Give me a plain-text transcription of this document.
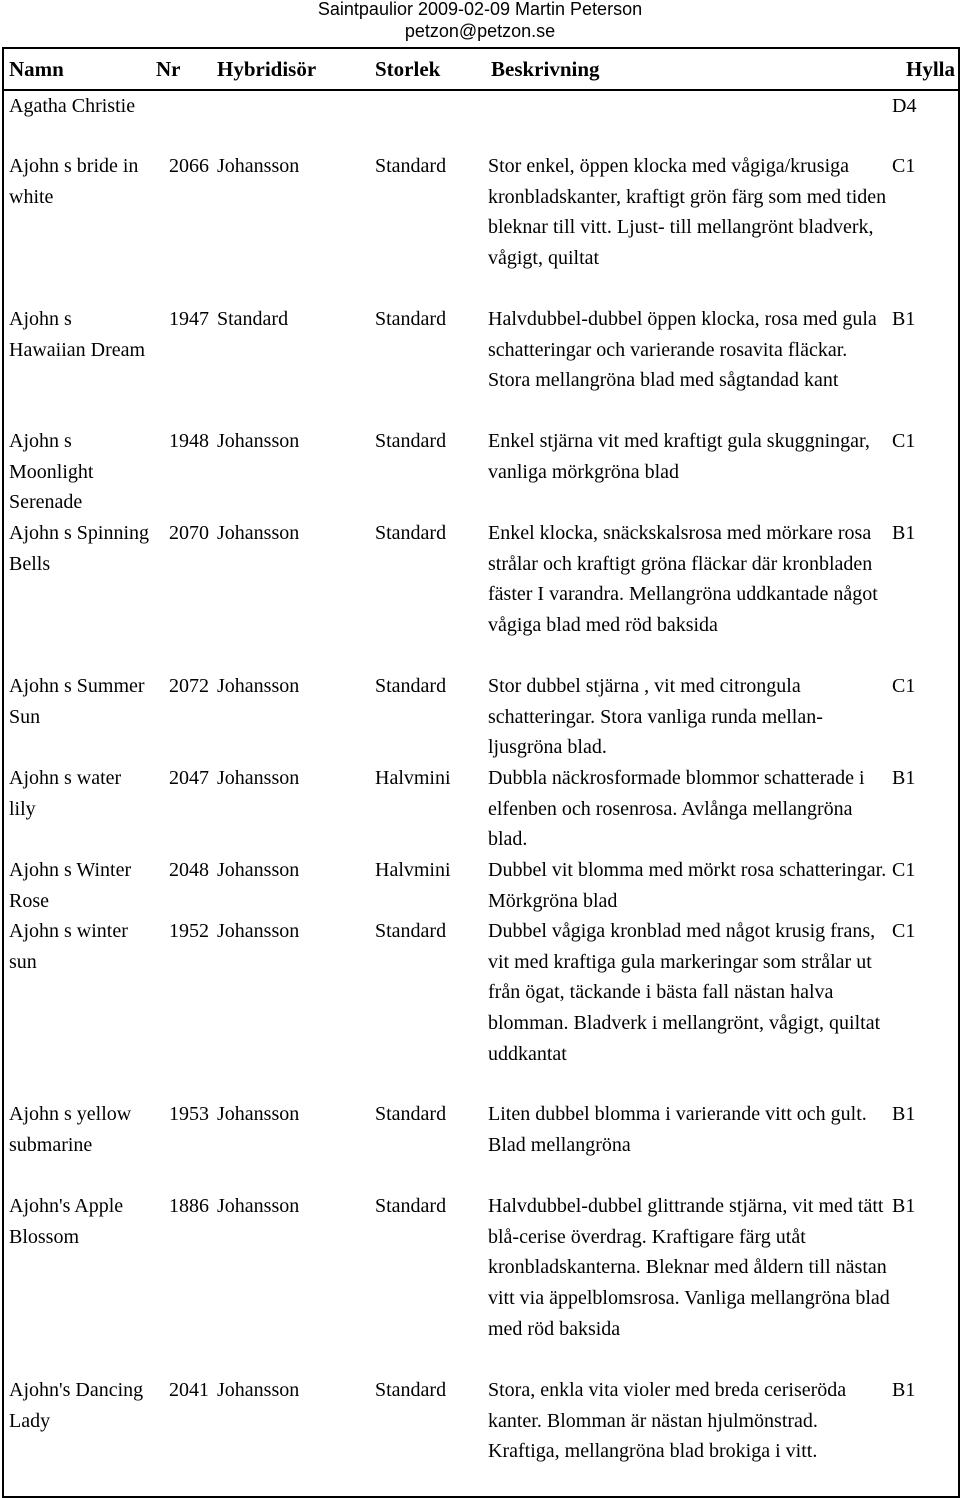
Saintpaulior 2009-02-09 Martin Peterson
petzon@petzon.se
Namn	Nr	Hybridisör	Storlek	Beskrivning	Hylla
Agatha Christie					D4
Ajohn s bride in white	2066	Johansson	Standard	Stor enkel, öppen klocka med vågiga/krusiga kronbladskanter, kraftigt grön färg som med tiden bleknar till vitt. Ljust- till mellangrönt bladverk, vågigt, quiltat	C1
Ajohn s Hawaiian Dream	1947	Standard	Standard	Halvdubbel-dubbel öppen klocka, rosa med gula schatteringar och varierande rosavita fläckar. Stora mellangröna blad med sågtandad kant	B1
Ajohn s Moonlight Serenade	1948	Johansson	Standard	Enkel stjärna vit med kraftigt gula skuggningar, vanliga mörkgröna blad	C1
Ajohn s Spinning Bells	2070	Johansson	Standard	Enkel klocka, snäckskalsrosa med mörkare rosa strålar och kraftigt gröna fläckar där kronbladen fäster I varandra. Mellangröna uddkantade något vågiga blad med röd baksida	B1
Ajohn s Summer Sun	2072	Johansson	Standard	Stor dubbel stjärna , vit med citrongula schatteringar. Stora vanliga runda mellan-ljusgröna blad.	C1
Ajohn s water lily	2047	Johansson	Halvmini	Dubbla näckrosformade blommor schatterade i elfenben och rosenrosa. Avlånga mellangröna blad.	B1
Ajohn s Winter Rose	2048	Johansson	Halvmini	Dubbel vit blomma med mörkt rosa schatteringar. Mörkgröna blad	C1
Ajohn s winter sun	1952	Johansson	Standard	Dubbel vågiga kronblad med något krusig frans, vit med kraftiga gula markeringar som strålar ut från ögat, täckande i bästa fall nästan halva blomman. Bladverk i mellangrönt, vågigt, quiltat uddkantat	C1

Ajohn s yellow submarine	1953	Johansson	Standard	Liten dubbel blomma i varierande vitt och gult. Blad mellangröna	B1
Ajohn's Apple Blossom	1886	Johansson	Standard	Halvdubbel-dubbel glittrande stjärna, vit med tätt blå-cerise överdrag. Kraftigare färg utåt kronbladskanterna. Bleknar med åldern till nästan vitt via äppelblomsrosa. Vanliga mellangröna blad med röd baksida	B1
Ajohn's Dancing Lady	2041	Johansson	Standard	Stora, enkla vita violer med breda ceriseröda kanter. Blomman är nästan hjulmönstrad. Kraftiga, mellangröna blad brokiga i vitt.	B1
